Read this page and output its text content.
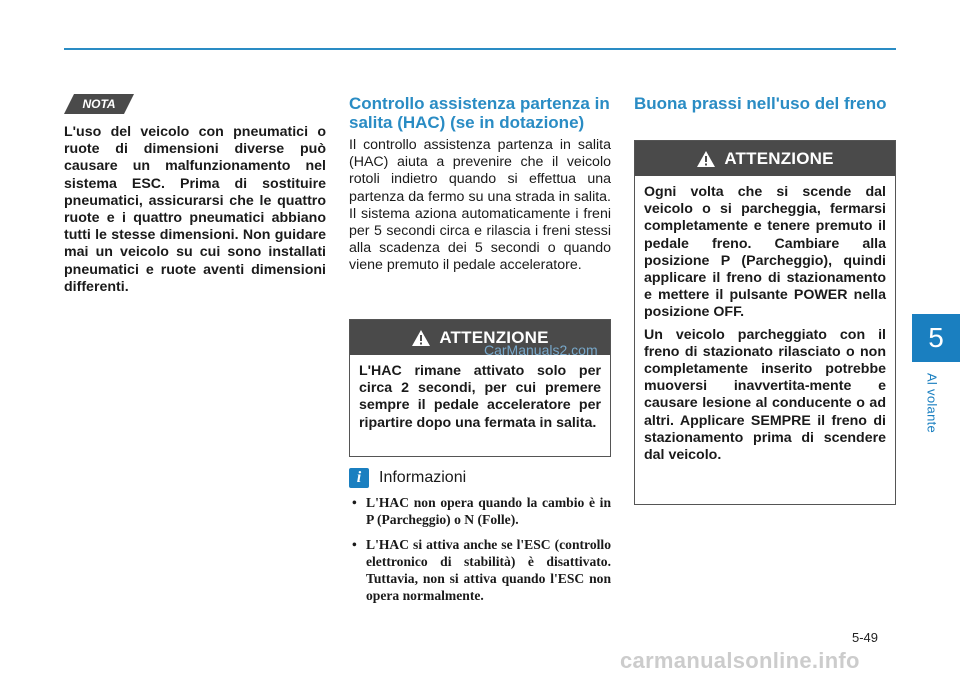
5
Al volante
NOTA
L'uso del veicolo con pneumatici o ruote di dimensioni diverse può causare un malfunzionamento nel sistema ESC. Prima di sostituire pneumatici, assicurarsi che le quattro ruote e i quattro pneumatici abbiano tutti le stesse dimensioni. Non guidare mai un veicolo su cui sono installati pneumatici e ruote aventi dimensioni differenti.
Controllo assistenza partenza in salita (HAC) (se in dotazione)
Il controllo assistenza partenza in salita (HAC) aiuta a prevenire che il veicolo rotoli indietro quando si effettua una partenza da fermo su una strada in salita. Il sistema aziona automaticamente i freni per 5 secondi circa e rilascia i freni stessi alla scadenza dei 5 secondi o quando viene premuto il pedale acceleratore.
ATTENZIONE
L'HAC rimane attivato solo per circa 2 secondi, per cui premere sempre il pedale acceleratore per ripartire dopo una fermata in salita.
CarManuals2.com
i	Informazioni
• L'HAC non opera quando la cambio è in P (Parcheggio) o N (Folle).
• L'HAC si attiva anche se l'ESC (controllo elettronico di stabilità) è disattivato. Tuttavia, non si attiva quando l'ESC non opera normalmente.
Buona prassi nell'uso del freno
ATTENZIONE

Ogni volta che si scende dal veicolo o si parcheggia, fermarsi completamente e tenere premuto il pedale freno. Cambiare alla posizione P (Parcheggio), quindi applicare il freno di stazionamento e mettere il pulsante POWER nella posizione OFF.

Un veicolo parcheggiato con il freno di stazionato rilasciato o non completamente inserito potrebbe muoversi inavvertita-mente e causare lesione al conducente o ad altri. Applicare SEMPRE il freno di stazionamento prima di scendere dal veicolo.

5-49
carmanualsonline.info
